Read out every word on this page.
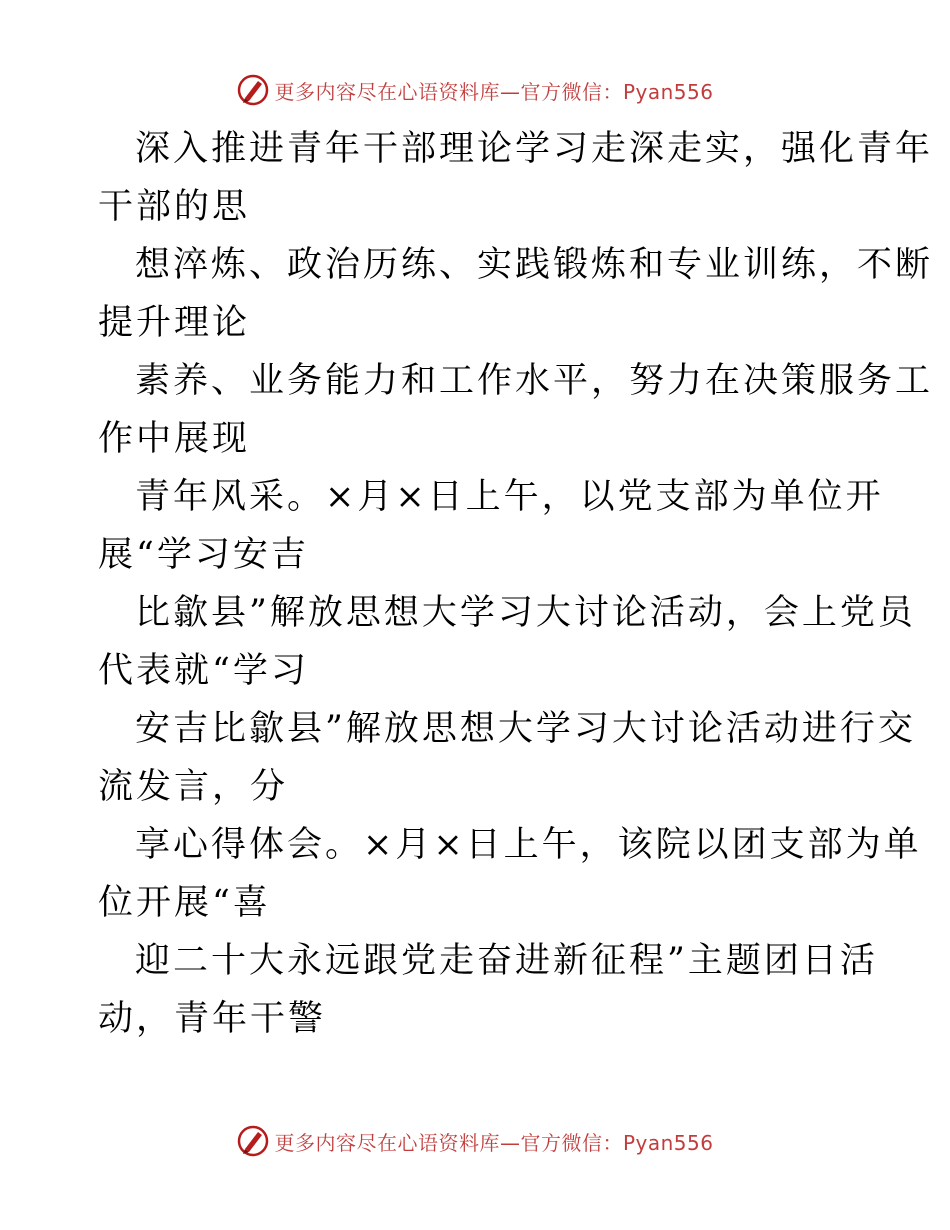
更多内容尽在心语资料库—官方微信：Pyan556
深入推进青年干部理论学习走深走实，强化青年
干部的思
想淬炼、政治历练、实践锻炼和专业训练，不断
提升理论
素养、业务能力和工作水平，努力在决策服务工
作中展现
青年风采。×月×日上午，以党支部为单位开
展“学习安吉
比歙县”解放思想大学习大讨论活动，会上党员
代表就“学习
安吉比歙县”解放思想大学习大讨论活动进行交
流发言，分
享心得体会。×月×日上午，该院以团支部为单
位开展“喜
迎二十大永远跟党走奋进新征程”主题团日活
动，青年干警
更多内容尽在心语资料库—官方微信：Pyan556
